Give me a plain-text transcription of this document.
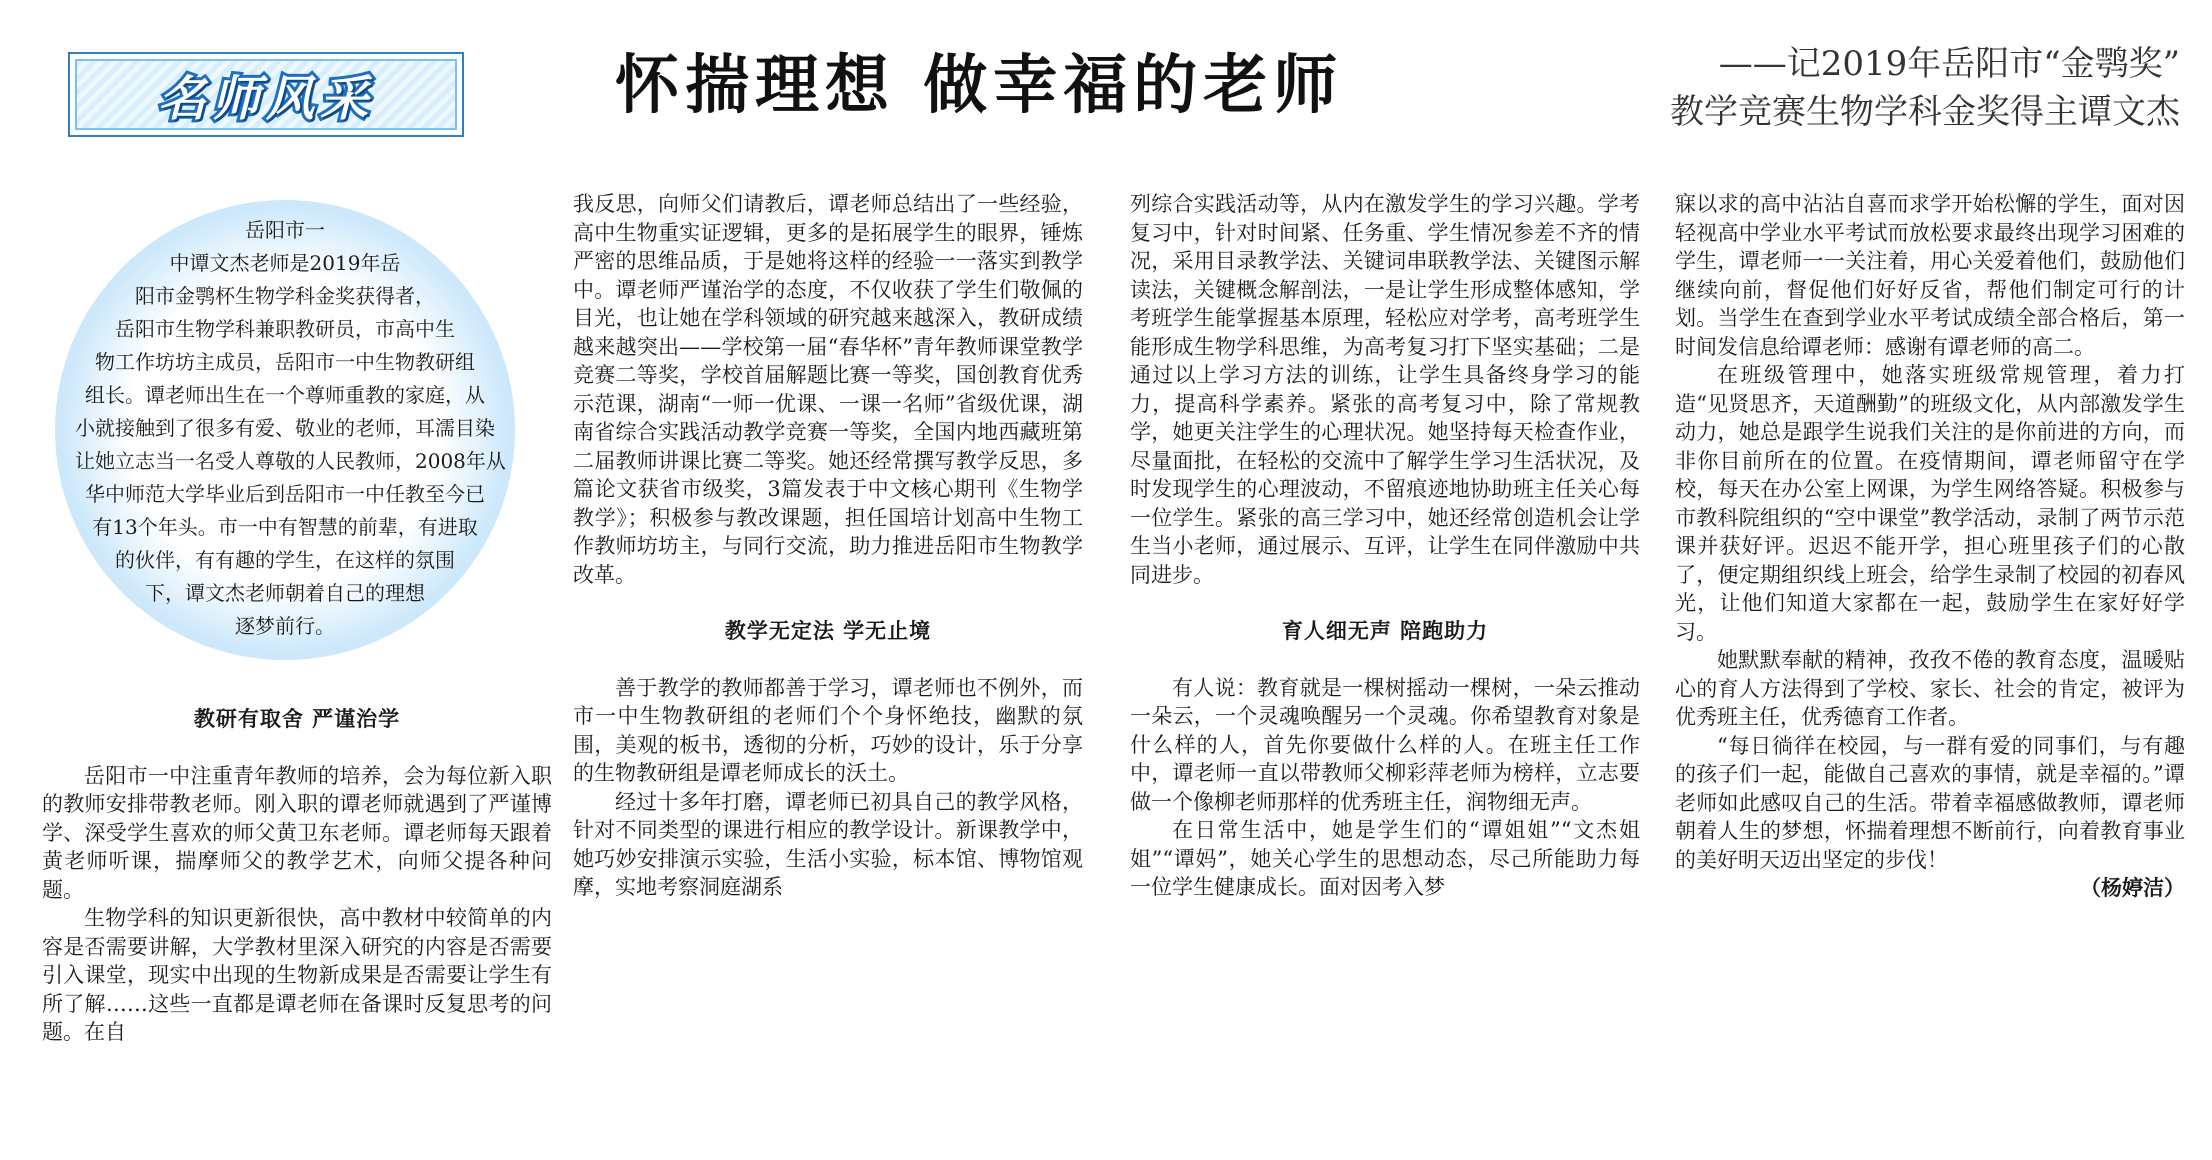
名师风采	怀揣理想 做幸福的老师	——记2019年岳阳市“金鹗奖”
教学竞赛生物学科金奖得主谭文杰

岳阳市一

中谭文杰老师是2019年岳

阳市金鹗杯生物学科金奖获得者，

岳阳市生物学科兼职教研员，市高中生

物工作坊坊主成员，岳阳市一中生物教研组

组长。谭老师出生在一个尊师重教的家庭，从

小就接触到了很多有爱、敬业的老师，耳濡目染

让她立志当一名受人尊敬的人民教师，2008年从

华中师范大学毕业后到岳阳市一中任教至今已

有13个年头。市一中有智慧的前辈，有进取

的伙伴，有有趣的学生，在这样的氛围

下，谭文杰老师朝着自己的理想

逐梦前行。

教研有取舍 严谨治学

岳阳市一中注重青年教师的培养，会为每位新入职的教师安排带教老师。刚入职的谭老师就遇到了严谨博学、深受学生喜欢的师父黄卫东老师。谭老师每天跟着黄老师听课，揣摩师父的教学艺术，向师父提各种问题。

生物学科的知识更新很快，高中教材中较简单的内容是否需要讲解，大学教材里深入研究的内容是否需要引入课堂，现实中出现的生物新成果是否需要让学生有所了解……这些一直都是谭老师在备课时反复思考的问题。在自

我反思，向师父们请教后，谭老师总结出了一些经验，高中生物重实证逻辑，更多的是拓展学生的眼界，锤炼严密的思维品质，于是她将这样的经验一一落实到教学中。谭老师严谨治学的态度，不仅收获了学生们敬佩的目光，也让她在学科领域的研究越来越深入，教研成绩越来越突出——学校第一届“春华杯”青年教师课堂教学竞赛二等奖，学校首届解题比赛一等奖，国创教育优秀示范课，湖南“一师一优课、一课一名师”省级优课，湖南省综合实践活动教学竞赛一等奖，全国内地西藏班第二届教师讲课比赛二等奖。她还经常撰写教学反思，多篇论文获省市级奖，3篇发表于中文核心期刊《生物学教学》；积极参与教改课题，担任国培计划高中生物工作教师坊坊主，与同行交流，助力推进岳阳市生物教学改革。

教学无定法 学无止境

善于教学的教师都善于学习，谭老师也不例外，而市一中生物教研组的老师们个个身怀绝技，幽默的氛围，美观的板书，透彻的分析，巧妙的设计，乐于分享的生物教研组是谭老师成长的沃土。

经过十多年打磨，谭老师已初具自己的教学风格，针对不同类型的课进行相应的教学设计。新课教学中，她巧妙安排演示实验，生活小实验，标本馆、博物馆观摩，实地考察洞庭湖系

列综合实践活动等，从内在激发学生的学习兴趣。学考复习中，针对时间紧、任务重、学生情况参差不齐的情况，采用目录教学法、关键词串联教学法、关键图示解读法，关键概念解剖法，一是让学生形成整体感知，学考班学生能掌握基本原理，轻松应对学考，高考班学生能形成生物学科思维，为高考复习打下坚实基础；二是通过以上学习方法的训练，让学生具备终身学习的能力，提高科学素养。紧张的高考复习中，除了常规教学，她更关注学生的心理状况。她坚持每天检查作业，尽量面批，在轻松的交流中了解学生学习生活状况，及时发现学生的心理波动，不留痕迹地协助班主任关心每一位学生。紧张的高三学习中，她还经常创造机会让学生当小老师，通过展示、互评，让学生在同伴激励中共同进步。

育人细无声 陪跑助力

有人说：教育就是一棵树摇动一棵树，一朵云推动一朵云，一个灵魂唤醒另一个灵魂。你希望教育对象是什么样的人，首先你要做什么样的人。在班主任工作中，谭老师一直以带教师父柳彩萍老师为榜样，立志要做一个像柳老师那样的优秀班主任，润物细无声。

在日常生活中，她是学生们的“谭姐姐”“文杰姐姐”“谭妈”，她关心学生的思想动态，尽己所能助力每一位学生健康成长。面对因考入梦

寐以求的高中沾沾自喜而求学开始松懈的学生，面对因轻视高中学业水平考试而放松要求最终出现学习困难的学生，谭老师一一关注着，用心关爱着他们，鼓励他们继续向前，督促他们好好反省，帮他们制定可行的计划。当学生在查到学业水平考试成绩全部合格后，第一时间发信息给谭老师：感谢有谭老师的高二。

在班级管理中，她落实班级常规管理，着力打造“见贤思齐，天道酬勤”的班级文化，从内部激发学生动力，她总是跟学生说我们关注的是你前进的方向，而非你目前所在的位置。在疫情期间，谭老师留守在学校，每天在办公室上网课，为学生网络答疑。积极参与市教科院组织的“空中课堂”教学活动，录制了两节示范课并获好评。迟迟不能开学，担心班里孩子们的心散了，便定期组织线上班会，给学生录制了校园的初春风光，让他们知道大家都在一起，鼓励学生在家好好学习。

她默默奉献的精神，孜孜不倦的教育态度，温暖贴心的育人方法得到了学校、家长、社会的肯定，被评为优秀班主任，优秀德育工作者。

“每日徜徉在校园，与一群有爱的同事们，与有趣的孩子们一起，能做自己喜欢的事情，就是幸福的。”谭老师如此感叹自己的生活。带着幸福感做教师，谭老师朝着人生的梦想，怀揣着理想不断前行，向着教育事业的美好明天迈出坚定的步伐！

（杨婷洁）
